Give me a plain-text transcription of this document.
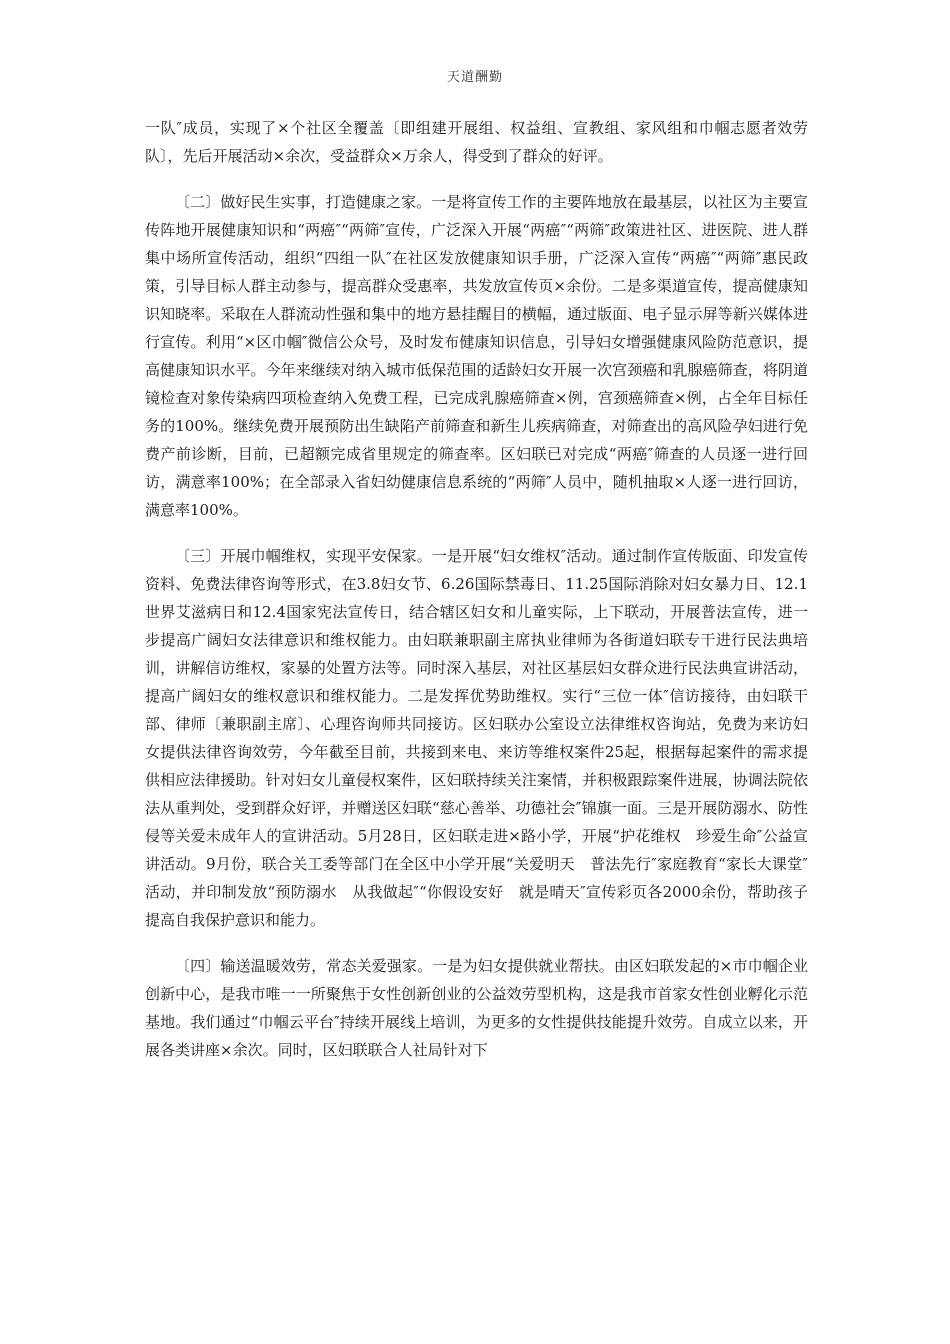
天道酬勤

一队″成员，实现了×个社区全覆盖〔即组建开展组、权益组、宣教组、家风组和巾帼志愿者效劳队〕，先后开展活动×余次，受益群众×万余人，得受到了群众的好评。

〔二〕做好民生实事，打造健康之家。一是将宣传工作的主要阵地放在最基层，以社区为主要宣传阵地开展健康知识和“两癌″“两筛″宣传，广泛深入开展“两癌″“两筛″政策进社区、进医院、进人群集中场所宣传活动，组织“四组一队″在社区发放健康知识手册，广泛深入宣传“两癌″“两筛″惠民政策，引导目标人群主动参与，提高群众受惠率，共发放宣传页×余份。二是多渠道宣传，提高健康知识知晓率。采取在人群流动性强和集中的地方悬挂醒目的横幅，通过版面、电子显示屏等新兴媒体进行宣传。利用“×区巾帼″微信公众号，及时发布健康知识信息，引导妇女增强健康风险防范意识，提高健康知识水平。今年来继续对纳入城市低保范围的适龄妇女开展一次宫颈癌和乳腺癌筛查，将阴道镜检查对象传染病四项检查纳入免费工程，已完成乳腺癌筛查×例，宫颈癌筛查×例，占全年目标任务的100%。继续免费开展预防出生缺陷产前筛查和新生儿疾病筛查，对筛查出的高风险孕妇进行免费产前诊断，目前，已超额完成省里规定的筛查率。区妇联已对完成“两癌″筛查的人员逐一进行回访，满意率100%；在全部录入省妇幼健康信息系统的“两筛″人员中，随机抽取×人逐一进行回访，满意率100%。

〔三〕开展巾帼维权，实现平安保家。一是开展“妇女维权″活动。通过制作宣传版面、印发宣传资料、免费法律咨询等形式，在3.8妇女节、6.26国际禁毒日、11.25国际消除对妇女暴力日、12.1世界艾滋病日和12.4国家宪法宣传日，结合辖区妇女和儿童实际，上下联动，开展普法宣传，进一步提高广阔妇女法律意识和维权能力。由妇联兼职副主席执业律师为各街道妇联专干进行民法典培训，讲解信访维权，家暴的处置方法等。同时深入基层，对社区基层妇女群众进行民法典宣讲活动，提高广阔妇女的维权意识和维权能力。二是发挥优势助维权。实行“三位一体″信访接待，由妇联干部、律师〔兼职副主席〕、心理咨询师共同接访。区妇联办公室设立法律维权咨询站，免费为来访妇女提供法律咨询效劳，今年截至目前，共接到来电、来访等维权案件25起，根据每起案件的需求提供相应法律援助。针对妇女儿童侵权案件，区妇联持续关注案情，并积极跟踪案件进展，协调法院依法从重判处，受到群众好评，并赠送区妇联“慈心善举、功德社会″锦旗一面。三是开展防溺水、防性侵等关爱未成年人的宣讲活动。5月28日，区妇联走进×路小学，开展“护花维权　珍爱生命″公益宣讲活动。9月份，联合关工委等部门在全区中小学开展“关爱明天　普法先行″家庭教育“家长大课堂″活动，并印制发放“预防溺水　从我做起″“你假设安好　就是晴天″宣传彩页各2000余份，帮助孩子提高自我保护意识和能力。

〔四〕输送温暖效劳，常态关爱强家。一是为妇女提供就业帮扶。由区妇联发起的×市巾帼企业创新中心，是我市唯一一所聚焦于女性创新创业的公益效劳型机构，这是我市首家女性创业孵化示范基地。我们通过“巾帼云平台″持续开展线上培训，为更多的女性提供技能提升效劳。自成立以来，开展各类讲座×余次。同时，区妇联联合人社局针对下
